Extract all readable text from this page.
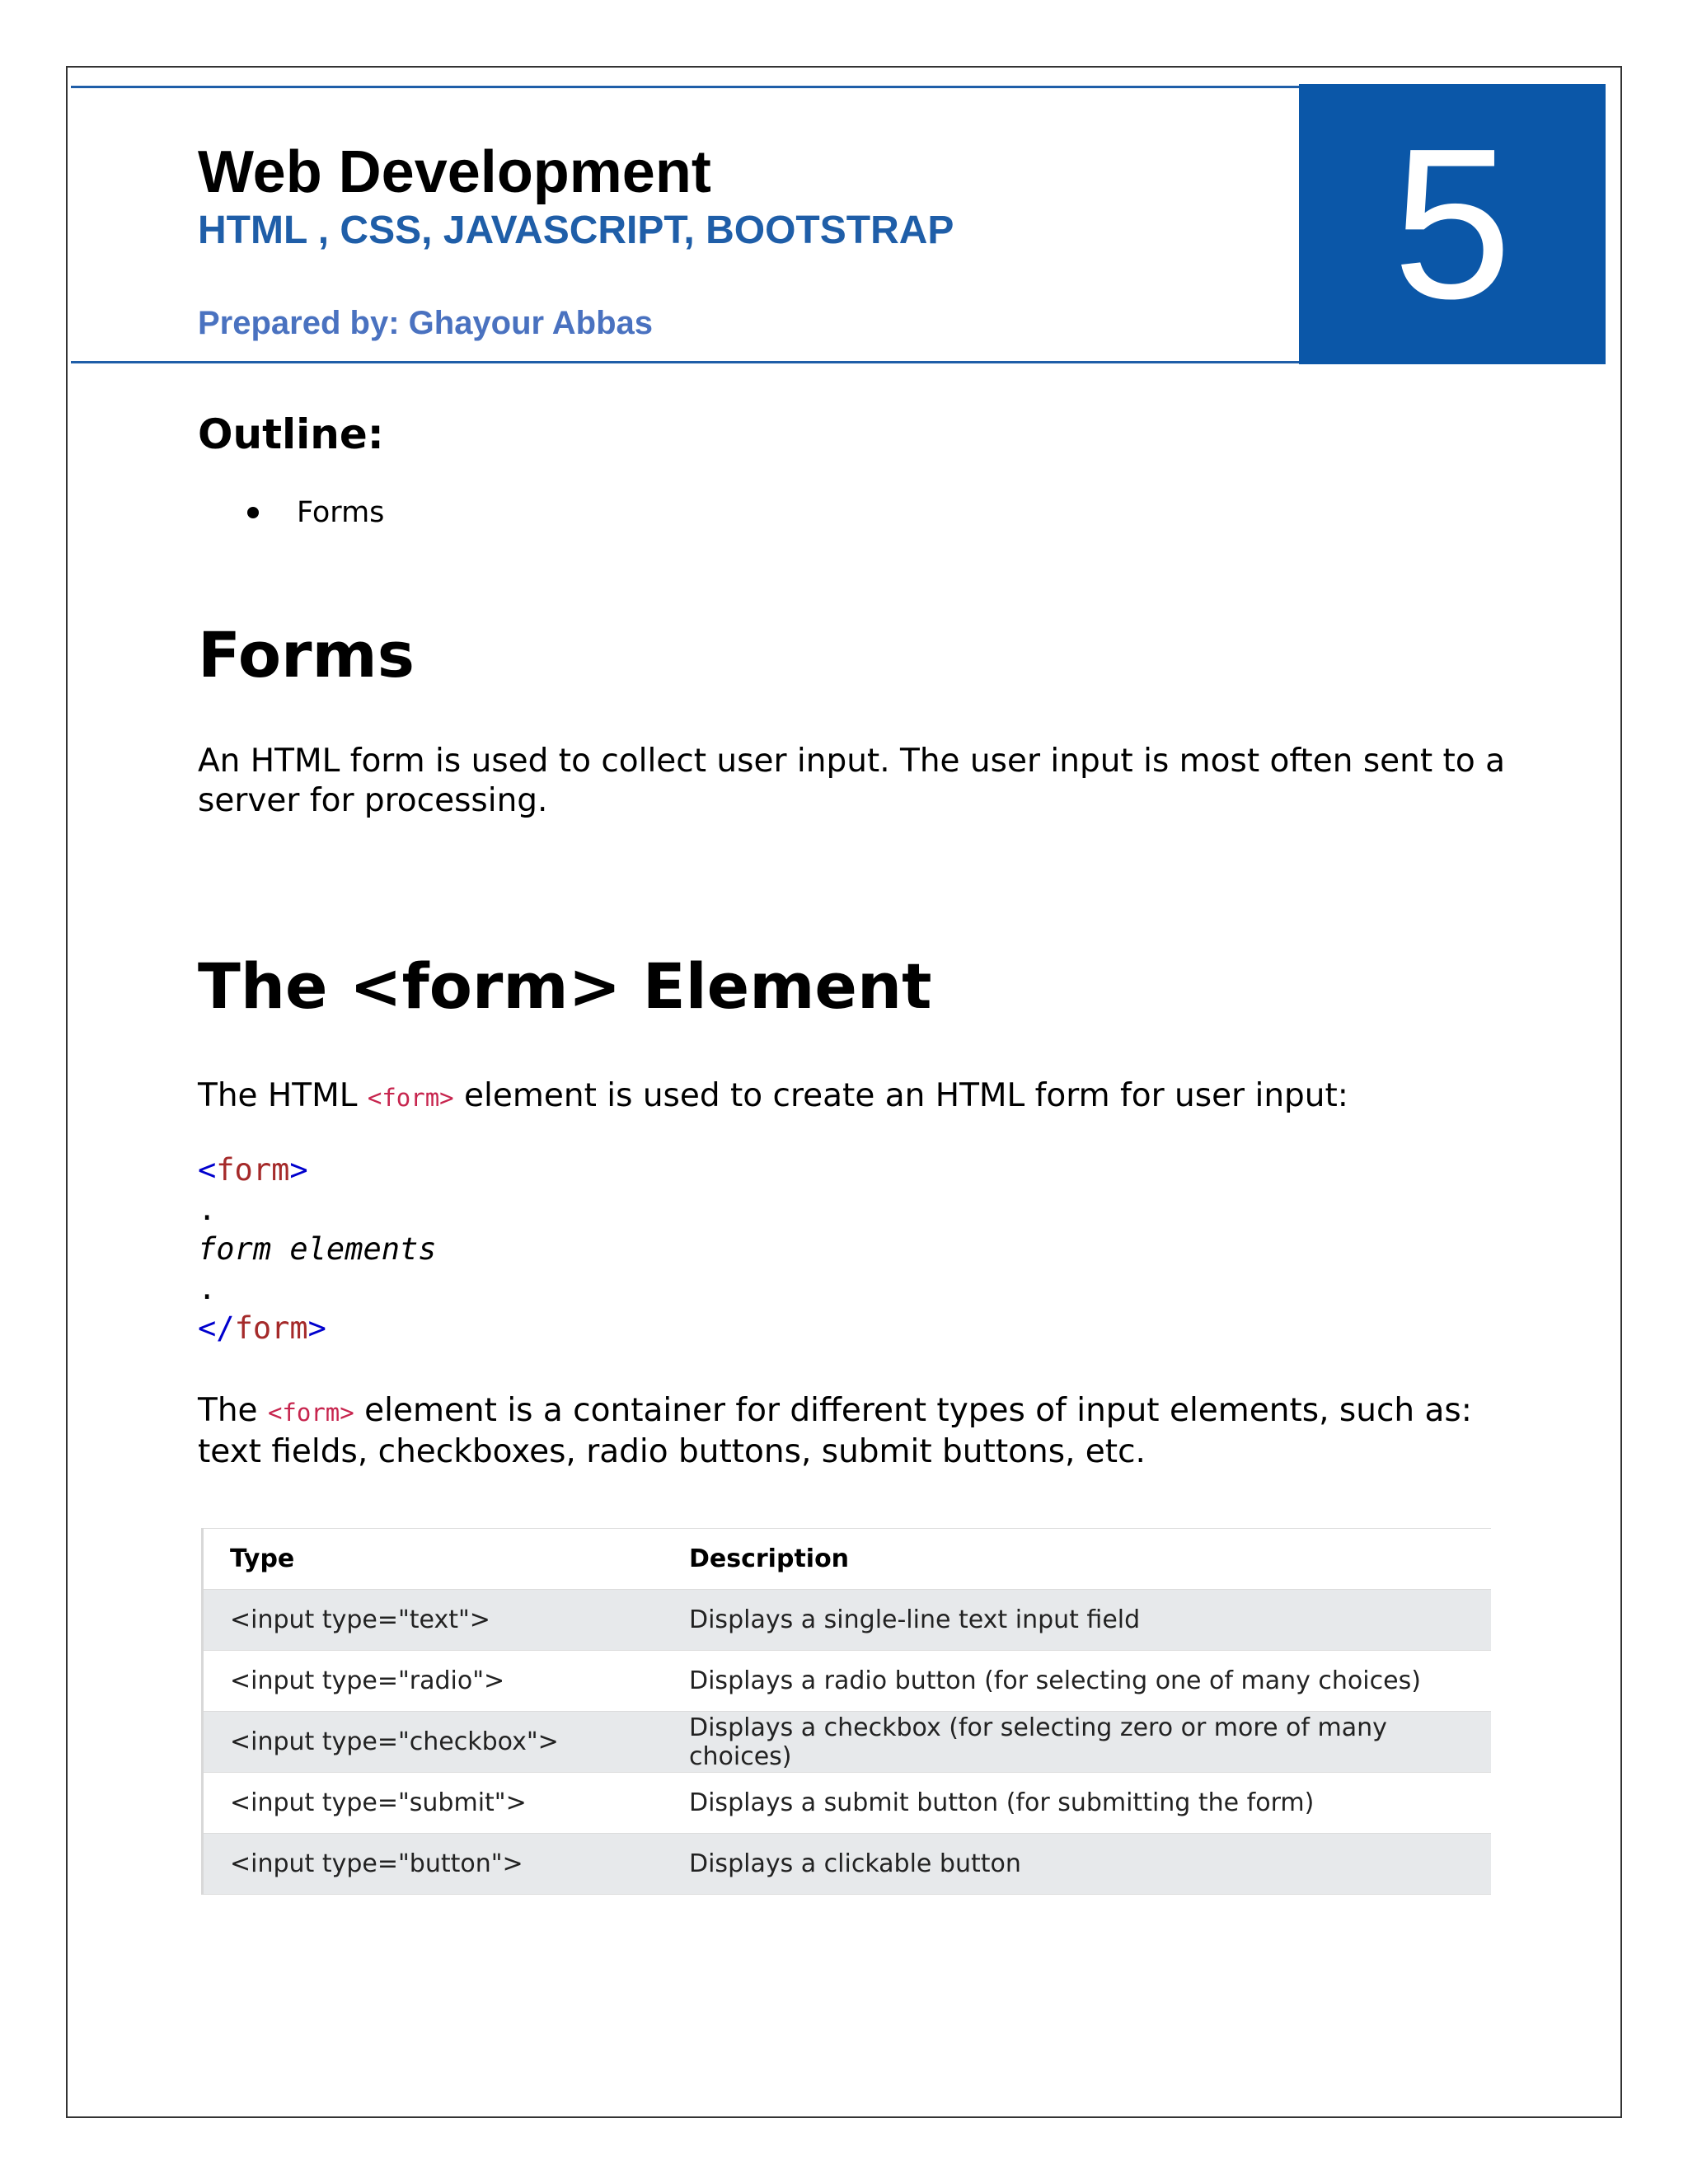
Web Development
HTML , CSS, JAVASCRIPT, BOOTSTRAP
Prepared by: Ghayour Abbas	5
Outline:
Forms
Forms
An HTML form is used to collect user input. The user input is most often sent to a server for processing.
The <form> Element
The HTML <form> element is used to create an HTML form for user input:
<form>
.
form elements
.
</form>
The <form> element is a container for different types of input elements, such as: text fields, checkboxes, radio buttons, submit buttons, etc.
Type	Description
<input type="text">	Displays a single-line text input field
<input type="radio">	Displays a radio button (for selecting one of many choices)
<input type="checkbox">	Displays a checkbox (for selecting zero or more of many choices)
<input type="submit">	Displays a submit button (for submitting the form)
<input type="button">	Displays a clickable button
